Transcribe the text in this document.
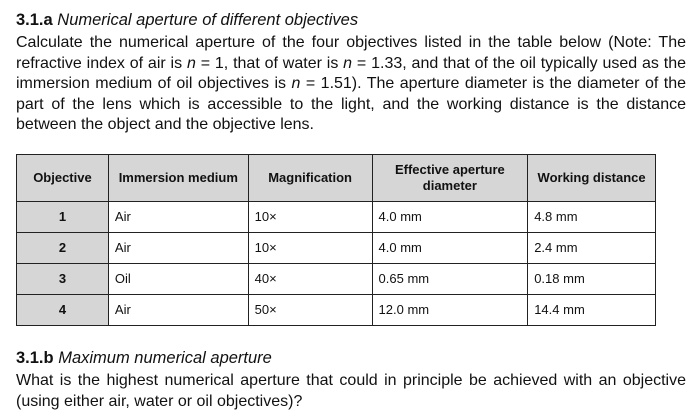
3.1.a Numerical aperture of different objectives

Calculate the numerical aperture of the four objectives listed in the table below (Note: The refractive index of air is n = 1, that of water is n = 1.33, and that of the oil typically used as the immersion medium of oil objectives is n = 1.51). The aperture diameter is the diameter of the part of the lens which is accessible to the light, and the working distance is the distance between the object and the objective lens.

Objective	Immersion medium	Magnification	Effective aperture diameter	Working distance
1	Air	10×	4.0 mm	4.8 mm
2	Air	10×	4.0 mm	2.4 mm
3	Oil	40×	0.65 mm	0.18 mm
4	Air	50×	12.0 mm	14.4 mm
3.1.b Maximum numerical aperture

What is the highest numerical aperture that could in principle be achieved with an objective (using either air, water or oil objectives)?
